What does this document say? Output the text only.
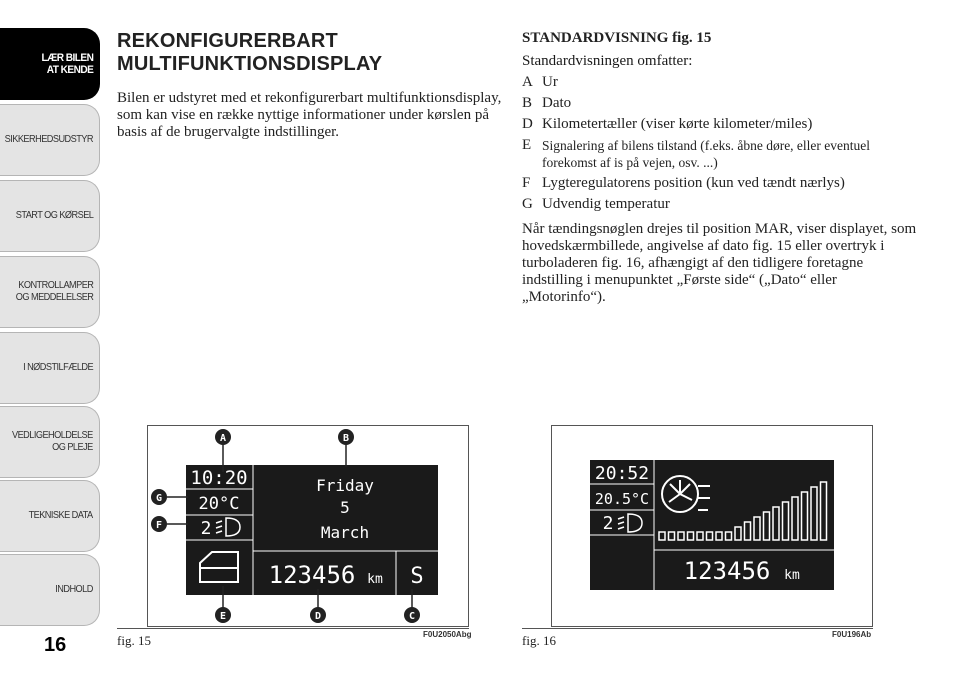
LÆR BILEN
AT KENDE
SIKKERHEDSUDSTYR
START OG KØRSEL
KONTROLLAMPER
OG MEDDELELSER
I NØDSTILFÆLDE
VEDLIGEHOLDELSE
OG PLEJE
TEKNISKE DATA
INDHOLD
16
REKONFIGURERBART
MULTIFUNKTIONSDISPLAY

Bilen er udstyret med et rekonfigurerbart multifunktionsdisplay, som kan vise en række nyttige informationer under kørslen på basis af de brugervalgte indstillinger.

STANDARDVISNING fig. 15

Standardvisningen omfatter:

A Ur
B Dato
D Kilometertæller (viser kørte kilometer/miles)
E Signalering af bilens tilstand (f.eks. åbne døre, eller eventuel forekomst af is på vejen, osv. ...)
F Lygteregulatorens position (kun ved tændt nærlys)
G Udvendig temperatur

Når tændingsnøglen drejes til position MAR, viser displayet, som hovedskærmbillede, angivelse af dato fig. 15 eller overtryk i turboladeren fig. 16, afhængigt af den tidligere foretagne indstilling i menupunktet „Første side“ („Dato“ eller „Motorinfo“).

10:20
20°C
2
Friday
5
March
123456 km S
A	B
G
F
E	D	C
fig. 15	F0U2050Abg
20:52
20.5°C
2
123456 km
fig. 16	F0U196Ab
